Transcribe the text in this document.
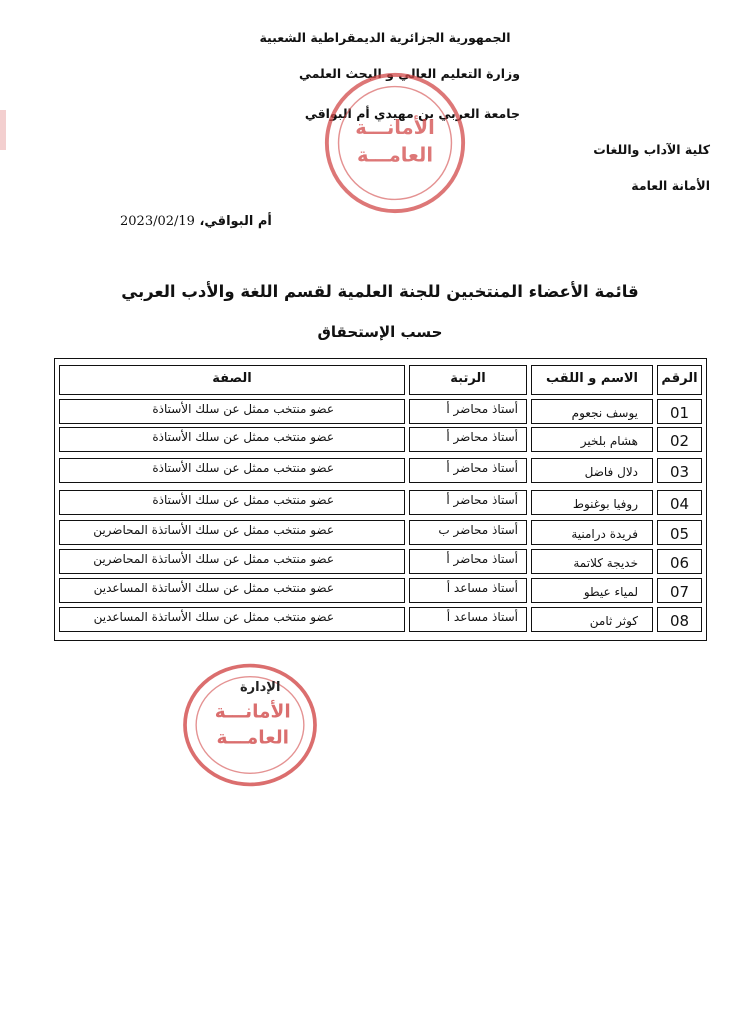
الجمهورية الجزائرية الديمقراطية الشعبية
وزارة التعليم العالي و البحث العلمي
جامعة العربي بن مهيدي أم البواقي
كلية الآداب واللغات
الأمانة العامة
2023/02/19 أم البواقي،
قائمة الأعضاء المنتخبين للجنة العلمية لقسم اللغة والأدب العربي
حسب الإستحقاق
الرقم
الاسم و اللقب
الرتبة
الصفة
01
يوسف نجعوم
أستاذ محاضر أ
عضو منتخب ممثل عن سلك الأستاذة
02
هشام بلخير
أستاذ محاضر أ
عضو منتخب ممثل عن سلك الأستاذة
03
دلال فاضل
أستاذ محاضر أ
عضو منتخب ممثل عن سلك الأستاذة
04
روفيا بوغنوط
أستاذ محاضر أ
عضو منتخب ممثل عن سلك الأستاذة
05
فريدة درامنية
أستاذ محاضر ب
عضو منتخب ممثل عن سلك الأساتذة المحاضرين
06
خديجة كلاتمة
أستاذ محاضر أ
عضو منتخب ممثل عن سلك الأساتذة المحاضرين
07
لمياء عيطو
أستاذ مساعد أ
عضو منتخب ممثل عن سلك الأساتذة المساعدين
08
كوثر ثامن
أستاذ مساعد أ
عضو منتخب ممثل عن سلك الأساتذة المساعدين
الأمانـــة
العامـــة
الأمانـــة
العامـــة
الإدارة
